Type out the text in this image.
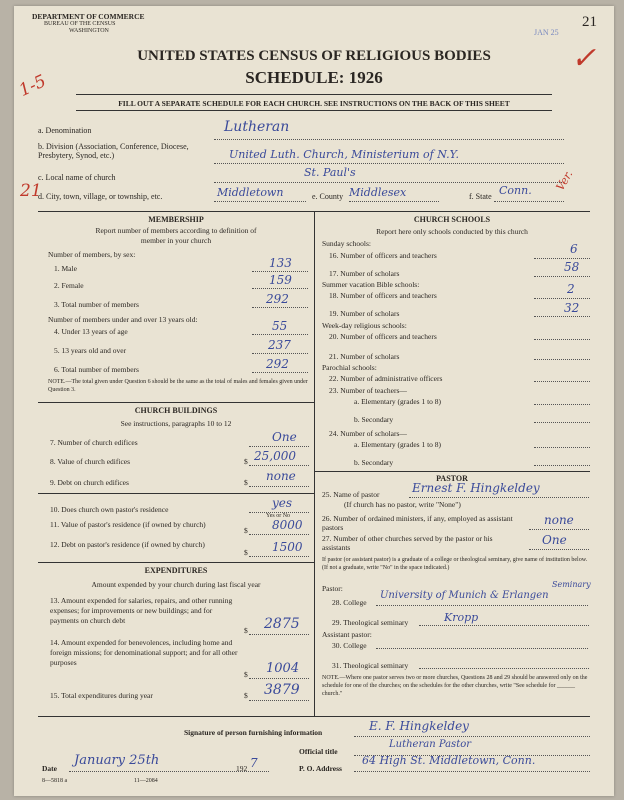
DEPARTMENT OF COMMERCE
BUREAU OF THE CENSUS
WASHINGTON
21
JAN 25
1-5
21
✓
UNITED STATES CENSUS OF RELIGIOUS BODIES
SCHEDULE: 1926
FILL OUT A SEPARATE SCHEDULE FOR EACH CHURCH. SEE INSTRUCTIONS ON THE BACK OF THIS SHEET
a. Denomination	Lutheran
b. Division (Association, Conference, Diocese, Presbytery, Synod, etc.)	United Luth. Church, Ministerium of N.Y.
c. Local name of church	St. Paul's
d. City, town, village, or township, etc.	Middletown	e. County Middlesex	f. State Conn. Ver.
MEMBERSHIP
Report number of members according to definition of
member in your church
Number of members, by sex:
1. Male	133
2. Female	159
3. Total number of members	292
Number of members under and over 13 years old:
4. Under 13 years of age	55
5. 13 years old and over	237
6. Total number of members	292
NOTE.—The total given under Question 6 should be the same as the total of males and females given under Question 3.
CHURCH BUILDINGS
See instructions, paragraphs 10 to 12
7. Number of church edifices	One
8. Value of church edifices	$ 25,000
9. Debt on church edifices	$ none
10. Does church own pastor's residence	yes
Yes or No
11. Value of pastor's residence (if owned by church)
$ 8000
12. Debt on pastor's residence (if owned by church)
$ 1500
EXPENDITURES
Amount expended by your church during last fiscal year
13. Amount expended for salaries, repairs, and other running expenses; for improvements or new buildings; and for payments on church debt
$ 2875
14. Amount expended for benevolences, including home and foreign missions; for denominational support; and for all other purposes
$ 1004
15. Total expenditures during year	$ 3879
CHURCH SCHOOLS
Report here only schools conducted by this church
Sunday schools:
16. Number of officers and teachers	6
17. Number of scholars	58
Summer vacation Bible schools:
18. Number of officers and teachers	2
19. Number of scholars	32
Week-day religious schools:
20. Number of officers and teachers
21. Number of scholars
Parochial schools:
22. Number of administrative officers
23. Number of teachers—
a. Elementary (grades 1 to 8)
b. Secondary
24. Number of scholars—
a. Elementary (grades 1 to 8)
b. Secondary
PASTOR
25. Name of pastor	Ernest F. Hingkeldey
(If church has no pastor, write "None")
26. Number of ordained ministers, if any, employed as assistant pastors
none
27. Number of other churches served by the pastor or his assistants
One
If pastor (or assistant pastor) is a graduate of a college or theological seminary, give name of institution below. (If not a graduate, write "No" in the space indicated.)
Pastor:
28. College
University of Munich & Erlangen
Seminary
29. Theological seminary	Kropp
Assistant pastor:
30. College
31. Theological seminary
NOTE.—Where one pastor serves two or more churches, Questions 28 and 29 should be answered only on the schedule for one of the churches; on the schedules for the other churches, write "See schedule for ______ church."
Signature of person furnishing information	E. F. Hingkeldey
Official title
Lutheran Pastor
Date
January 25th
192 7	P. O. Address
64 High St. Middletown, Conn.
8—5818 a	11—2084
